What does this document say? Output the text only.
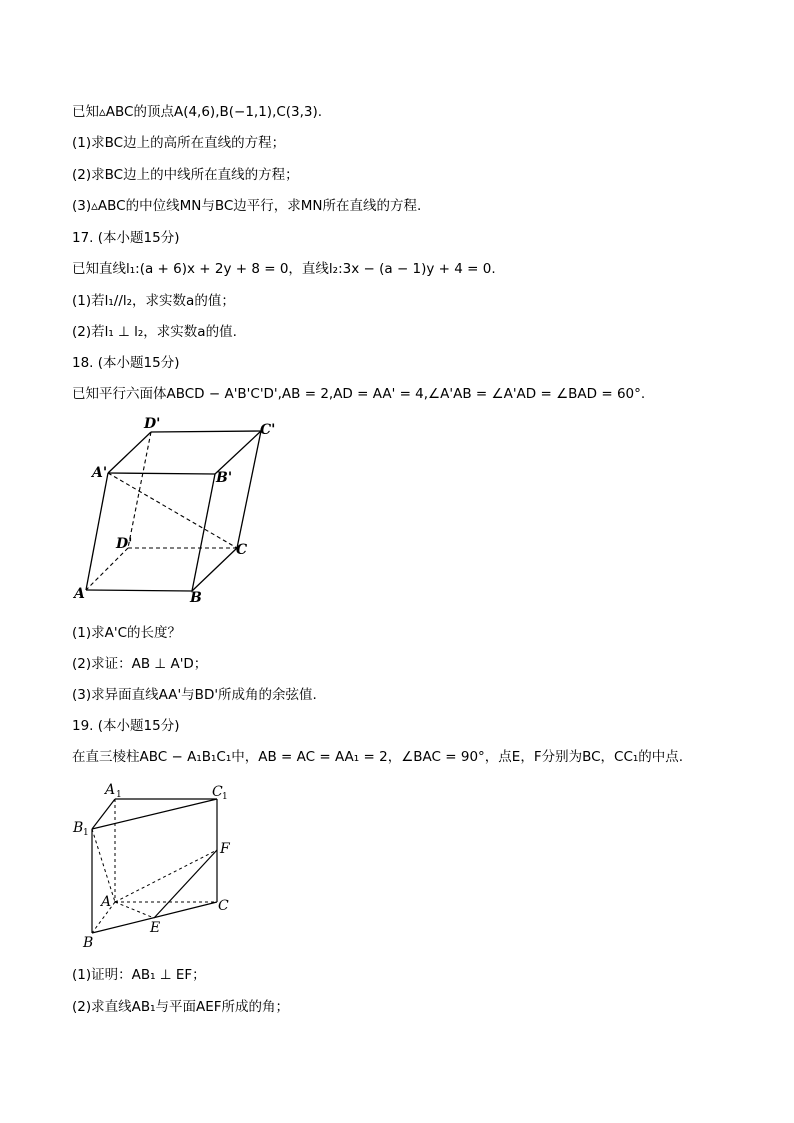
已知▵ABC的顶点A(4,6),B(−1,1),C(3,3).
(1)求BC边上的高所在直线的方程；
(2)求BC边上的中线所在直线的方程；
(3)▵ABC的中位线MN与BC边平行，求MN所在直线的方程.
17. (本小题15分)
已知直线l₁:(a + 6)x + 2y + 8 = 0，直线l₂:3x − (a − 1)y + 4 = 0.
(1)若l₁//l₂，求实数a的值；
(2)若l₁ ⊥ l₂，求实数a的值.
18. (本小题15分)
已知平行六面体ABCD − A'B'C'D',AB = 2,AD = AA' = 4,∠A'AB = ∠A'AD = ∠BAD = 60°.
D'	C'
A'	B'
D'	C
A	B
(1)求A'C的长度？
(2)求证：AB ⊥ A'D；
(3)求异面直线AA'与BD'所成角的余弦值.
19. (本小题15分)
在直三棱柱ABC − A₁B₁C₁中，AB = AC = AA₁ = 2，∠BAC = 90°，点E，F分别为BC，CC₁的中点.
A 1	C 1
B 1
F
A	C
E
B
(1)证明：AB₁ ⊥ EF；
(2)求直线AB₁与平面AEF所成的角；
